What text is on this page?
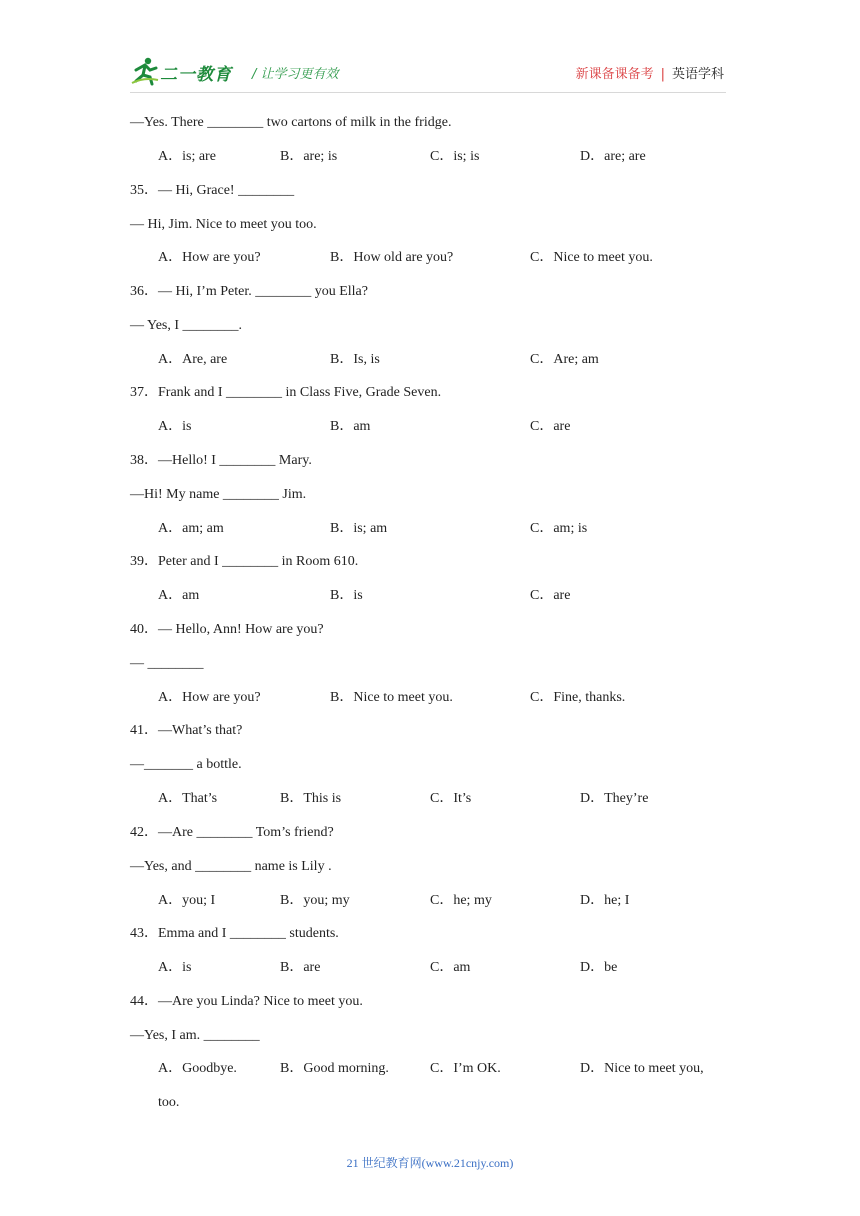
二一教育 / 让学习更有效	新课备课备考 | 英语学科
—Yes. There ________ two cartons of milk in the fridge.
A．is; are	B．are; is	C．is; is	D．are; are
35．— Hi, Grace! ________
— Hi, Jim. Nice to meet you too.
A．How are you?	B．How old are you?	C．Nice to meet you.
36．— Hi, I’m Peter. ________ you Ella?
— Yes, I ________.
A．Are, are	B．Is, is	C．Are; am
37．Frank and I ________ in Class Five, Grade Seven.
A．is	B．am	C．are
38．—Hello! I ________ Mary.
—Hi! My name ________ Jim.
A．am; am	B．is; am	C．am; is
39．Peter and I ________ in Room 610.
A．am	B．is	C．are
40．— Hello, Ann! How are you?
— ________
A．How are you?	B．Nice to meet you.	C．Fine, thanks.
41．—What’s that?
—_______ a bottle.
A．That’s	B．This is	C．It’s	D．They’re
42．—Are ________ Tom’s friend?
—Yes, and ________ name is Lily .
A．you; I	B．you; my	C．he; my	D．he; I
43．Emma and I ________ students.
A．is	B．are	C．am	D．be
44．—Are you Linda? Nice to meet you.
—Yes, I am. ________
A．Goodbye.	B．Good morning.	C．I’m OK.	D．Nice to meet you,
too.
21 世纪教育网(www.21cnjy.com)
